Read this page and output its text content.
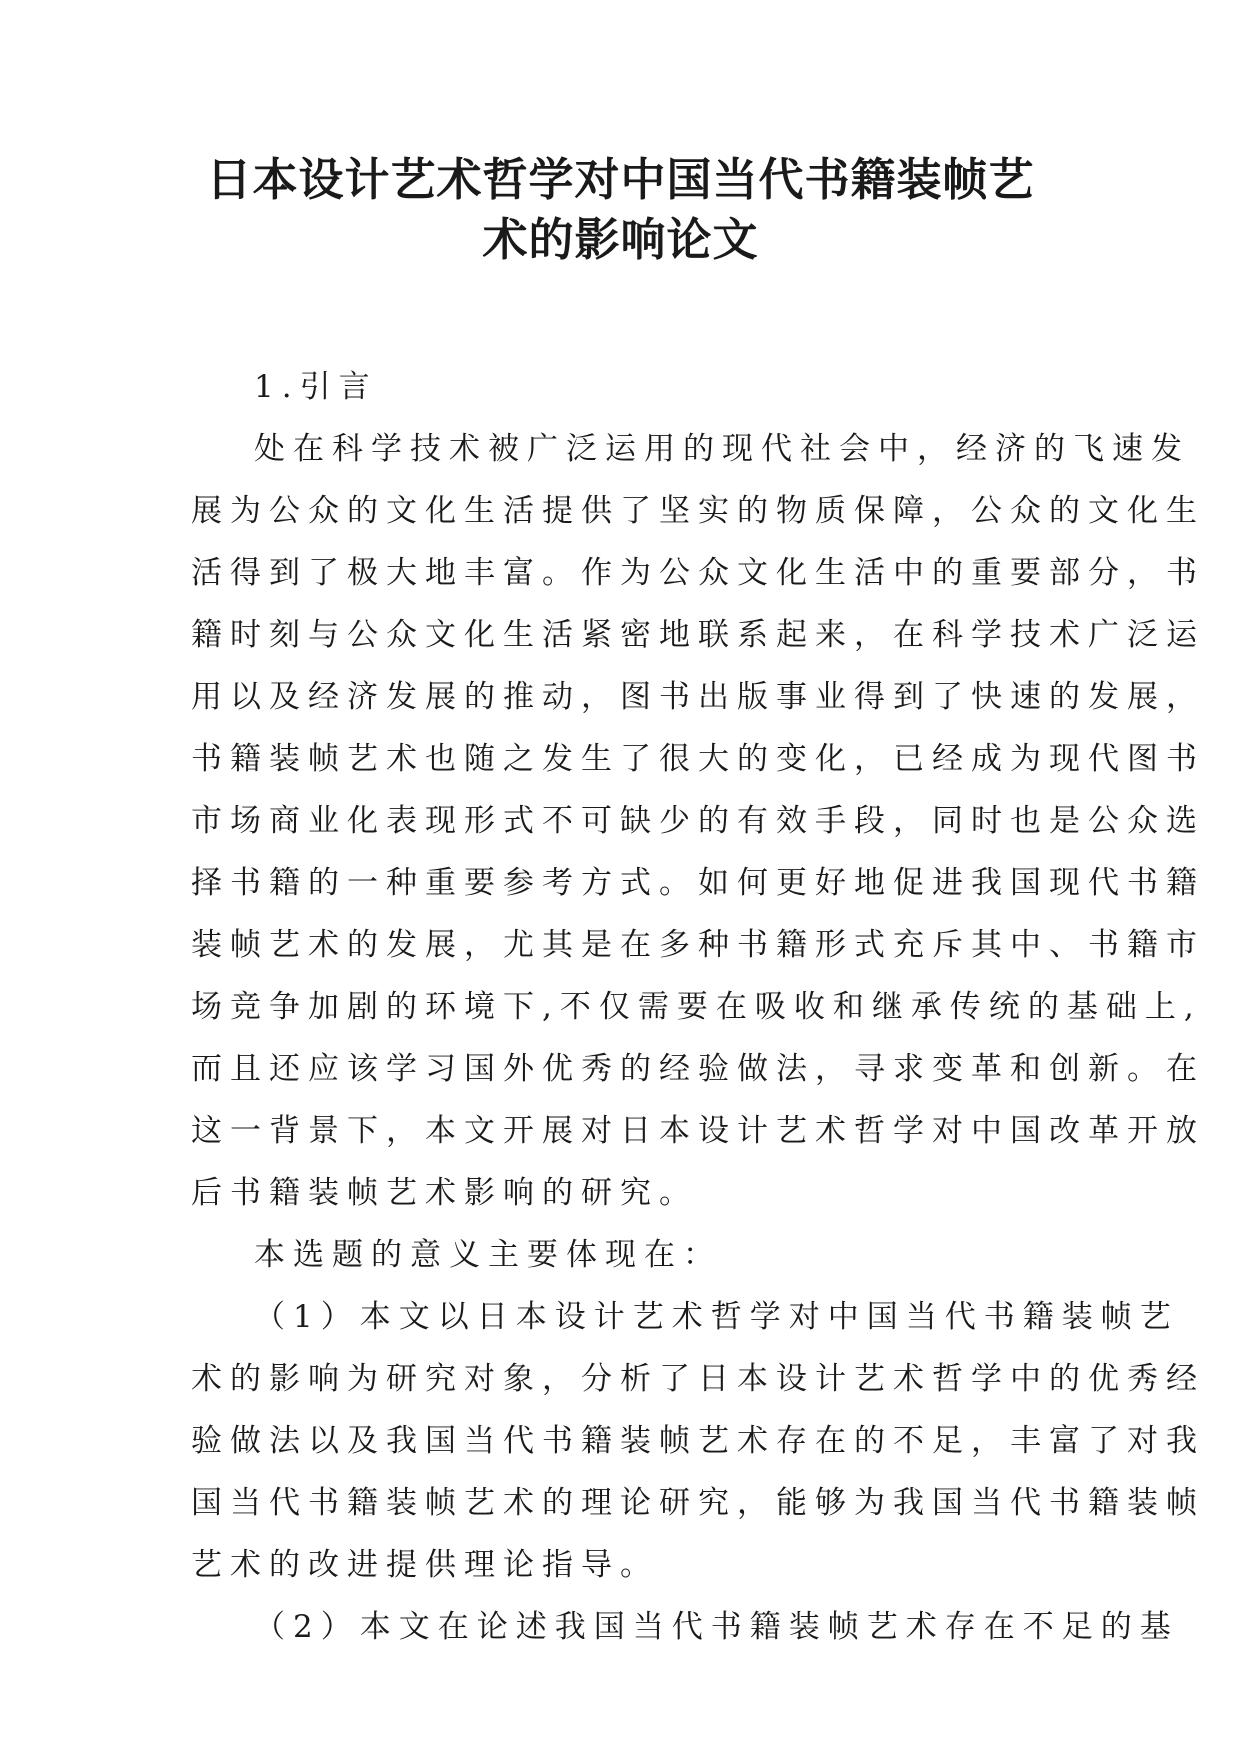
日本设计艺术哲学对中国当代书籍装帧艺
术的影响论文
1.引言
处在科学技术被广泛运用的现代社会中，经济的飞速发
展为公众的文化生活提供了坚实的物质保障，公众的文化生
活得到了极大地丰富。作为公众文化生活中的重要部分，书
籍时刻与公众文化生活紧密地联系起来，在科学技术广泛运
用以及经济发展的推动，图书出版事业得到了快速的发展，
书籍装帧艺术也随之发生了很大的变化，已经成为现代图书
市场商业化表现形式不可缺少的有效手段，同时也是公众选
择书籍的一种重要参考方式。如何更好地促进我国现代书籍
装帧艺术的发展，尤其是在多种书籍形式充斥其中、书籍市
场竞争加剧的环境下,不仅需要在吸收和继承传统的基础上,
而且还应该学习国外优秀的经验做法，寻求变革和创新。在
这一背景下，本文开展对日本设计艺术哲学对中国改革开放
后书籍装帧艺术影响的研究。
本选题的意义主要体现在：
（1）本文以日本设计艺术哲学对中国当代书籍装帧艺
术的影响为研究对象，分析了日本设计艺术哲学中的优秀经
验做法以及我国当代书籍装帧艺术存在的不足，丰富了对我
国当代书籍装帧艺术的理论研究，能够为我国当代书籍装帧
艺术的改进提供理论指导。
（2）本文在论述我国当代书籍装帧艺术存在不足的基
